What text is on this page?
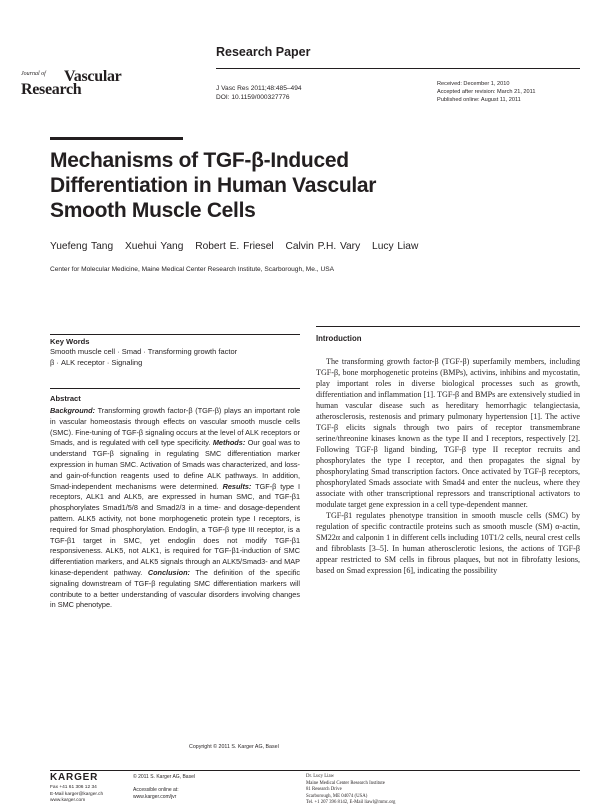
Journal of	Vascular
Research
Research Paper
J Vasc Res 2011;48:485–494
DOI: 10.1159/000327776
Received: December 1, 2010
Accepted after revision: March 21, 2011
Published online: August 11, 2011
Mechanisms of TGF-β-Induced Differentiation in Human Vascular Smooth Muscle Cells
Yuefeng Tang Xuehui Yang Robert E. Friesel Calvin P.H. Vary Lucy Liaw
Center for Molecular Medicine, Maine Medical Center Research Institute, Scarborough, Me., USA
Key Words
Smooth muscle cell · Smad · Transforming growth factor
β · ALK receptor · Signaling
Abstract
Background: Transforming growth factor-β (TGF-β) plays an important role in vascular homeostasis through effects on vascular smooth muscle cells (SMC). Fine-tuning of TGF-β signaling occurs at the level of ALK receptors or Smads, and is regulated with cell type specificity. Methods: Our goal was to understand TGF-β signaling in regulating SMC differentiation marker expression in human SMC. Activation of Smads was characterized, and loss- and gain-of-function reagents used to define ALK pathways. In addition, Smad-independent mechanisms were determined. Results: TGF-β type I receptors, ALK1 and ALK5, are expressed in human SMC, and TGF-β1 phosphorylates Smad1/5/8 and Smad2/3 in a time- and dosage-dependent pattern. ALK5 activity, not bone morphogenetic protein type I receptors, is required for Smad phosphorylation. Endoglin, a TGF-β type III receptor, is a TGF-β1 target in SMC, yet endoglin does not modify TGF-β1 responsiveness. ALK5, not ALK1, is required for TGF-β1-induction of SMC differentiation markers, and ALK5 signals through an ALK5/Smad3- and MAP kinase-dependent pathway. Conclusion: The definition of the specific signaling downstream of TGF-β regulating SMC differentiation markers will contribute to a better understanding of vascular disorders involving changes in SMC phenotype.
Copyright © 2011 S. Karger AG, Basel
Introduction

The transforming growth factor-β (TGF-β) superfamily members, including TGF-β, bone morphogenetic proteins (BMPs), activins, inhibins and mycostatin, play important roles in diverse biological processes such as growth, differentiation and inflammation [1]. TGF-β and BMPs are extensively studied in human vascular disease such as hereditary hemorrhagic telangiectasia, atherosclerosis, restenosis and primary pulmonary hypertension [1]. The active TGF-β elicits signals through two pairs of receptor transmembrane serine/threonine kinases known as the type II and I receptors, respectively [2]. Following TGF-β ligand binding, TGF-β type II receptor recruits and phosphorylates the type I receptor, and then propagates the signal by phosphorylating Smad transcription factors. Once activated by TGF-β receptors, phosphorylated Smads associate with Smad4 and enter the nucleus, where they associate with other transcriptional repressors and transcriptional activators to modulate target gene expression in a cell type-dependent manner.

TGF-β1 regulates phenotype transition in smooth muscle cells (SMC) by regulation of specific contractile proteins such as smooth muscle (SM) α-actin, SM22α and calponin 1 in different cells including 10T1/2 cells, neural crest cells and fibroblasts [3–5]. In human atherosclerotic lesions, the actions of TGF-β appear restricted to SM cells in fibrous plaques, but not in fibrofatty lesions, based on Smad expression [6], indicating the possibility

KARGER
Fax +41 61 306 12 34
E-Mail karger@karger.ch
www.karger.com
© 2011 S. Karger AG, Basel
Accessible online at:
www.karger.com/jvr
Dr. Lucy Liaw
Maine Medical Center Research Institute
81 Research Drive
Scarborough, ME 04074 (USA)
Tel. +1 207 396 8142, E-Mail liawl@mmc.org
